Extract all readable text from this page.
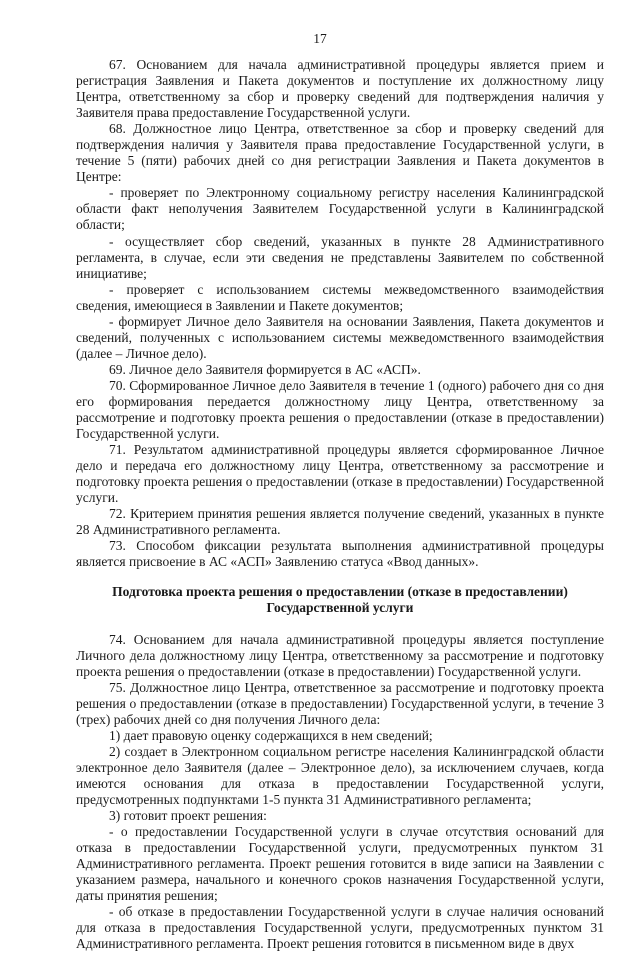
17

67. Основанием для начала административной процедуры является прием и регистрация Заявления и Пакета документов и поступление их должностному лицу Центра, ответственному за сбор и проверку сведений для подтверждения наличия у Заявителя права предоставление Государственной услуги.

68. Должностное лицо Центра, ответственное за сбор и проверку сведений для подтверждения наличия у Заявителя права предоставление Государственной услуги, в течение 5 (пяти) рабочих дней со дня регистрации Заявления и Пакета документов в Центре:

- проверяет по Электронному социальному регистру населения Калининградской области факт неполучения Заявителем Государственной услуги в Калининградской области;

- осуществляет сбор сведений, указанных в пункте 28 Административного регламента, в случае, если эти сведения не представлены Заявителем по собственной инициативе;

- проверяет с использованием системы межведомственного взаимодействия сведения, имеющиеся в Заявлении и Пакете документов;

- формирует Личное дело Заявителя на основании Заявления, Пакета документов и сведений, полученных с использованием системы межведомственного взаимодействия (далее – Личное дело).

69. Личное дело Заявителя формируется в АС «АСП».

70. Сформированное Личное дело Заявителя в течение 1 (одного) рабочего дня со дня его формирования передается должностному лицу Центра, ответственному за рассмотрение и подготовку проекта решения о предоставлении (отказе в предоставлении) Государственной услуги.

71. Результатом административной процедуры является сформированное Личное дело и передача его должностному лицу Центра, ответственному за рассмотрение и подготовку проекта решения о предоставлении (отказе в предоставлении) Государственной услуги.

72. Критерием принятия решения является получение сведений, указанных в пункте 28 Административного регламента.

73. Способом фиксации результата выполнения административной процедуры является присвоение в АС «АСП» Заявлению статуса «Ввод данных».

Подготовка проекта решения о предоставлении (отказе в предоставлении) Государственной услуги

74. Основанием для начала административной процедуры является поступление Личного дела должностному лицу Центра, ответственному за рассмотрение и подготовку проекта решения о предоставлении (отказе в предоставлении) Государственной услуги.

75. Должностное лицо Центра, ответственное за рассмотрение и подготовку проекта решения о предоставлении (отказе в предоставлении) Государственной услуги, в течение 3 (трех) рабочих дней со дня получения Личного дела:

1) дает правовую оценку содержащихся в нем сведений;

2) создает в Электронном социальном регистре населения Калининградской области электронное дело Заявителя (далее – Электронное дело), за исключением случаев, когда имеются основания для отказа в предоставлении Государственной услуги, предусмотренных подпунктами 1-5 пункта 31 Административного регламента;

3) готовит проект решения:

- о предоставлении Государственной услуги в случае отсутствия оснований для отказа в предоставлении Государственной услуги, предусмотренных пунктом 31 Административного регламента. Проект решения готовится в виде записи на Заявлении с указанием размера, начального и конечного сроков назначения Государственной услуги, даты принятия решения;

- об отказе в предоставлении Государственной услуги в случае наличия оснований для отказа в предоставления Государственной услуги, предусмотренных пунктом 31 Административного регламента. Проект решения готовится в письменном виде в двух
